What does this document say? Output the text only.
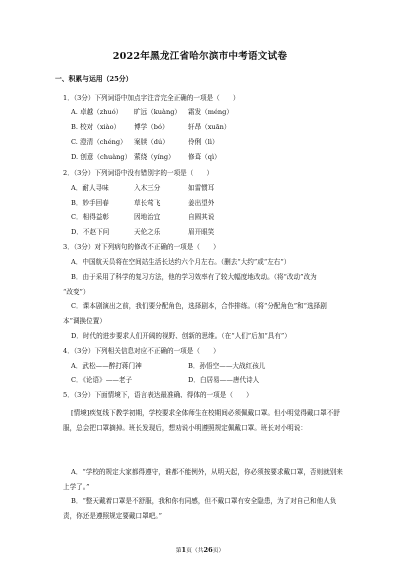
2022年黑龙江省哈尔滨市中考语文试卷
一、积累与运用（25分）
1．（3分）下列词语中加点字注音完全正确的一项是（　　）
A. 卓越（zhuó） 旷远（kuàng） 霜发（méng）
B. 校对（xiào） 博学（bó）	轩昂（xuān）
C. 澄清（chéng） 案牍（dú）	伶俐（lì）
D. 创意（chuàng） 萦绕（yíng） 修葺（qì）
2．（3分）下列词语中没有错别字的一项是（　　）
A．耐人寻味	入木三分	如雷惯耳
B．妙手回春	草长莺飞	姜出望外
C．相得益彰	因地治宜	自圆其说
D．不赵下问	天伦之乐	眉开眼笑
3．（3分）对下列病句的修改不正确的一项是（　　）
A．中国航天员将在空间站生活长达约六个月左右。（删去“大约”或“左右”）
B．由于采用了科学的复习方法，他的学习效率有了较大幅度地改动。（将“改动”改为
“改变”）
C．课本剧演出之前，我们要分配角色，选择剧本，合作排练。（将“分配角色”和“选择剧
本”调换位置）
D．时代的进步要求人们开阔的视野、创新的思维。（在“人们”后加“具有”）
4．（3分）下列相关信息对应不正确的一项是（　　）
A．武松——醉打蒋门神	B．孙悟空——大战红孩儿
C．《论语》——老子	D．白居易——唐代诗人
5．（3分）下面情境下，语言表达最准确、得体的一项是（　　）
[情境]疾复线下教学初期，学校要求全体师生在校期间必须佩戴口罩。但小明觉得戴口罩不舒服，总会把口罩摘掉。班长发现后，想劝说小明遵照规定佩戴口罩。班长对小明说：
A．“学校的规定大家都得遵守，谁都不能例外，从明天起，你必须按要求戴口罩，否则就别来上学了。”
B．“整天戴着口罩是不舒服，我和你有同感，但不戴口罩有安全隐患，为了对自己和他人负责，你还是遵照规定要戴口罩吧。”
第1页（共26页）
